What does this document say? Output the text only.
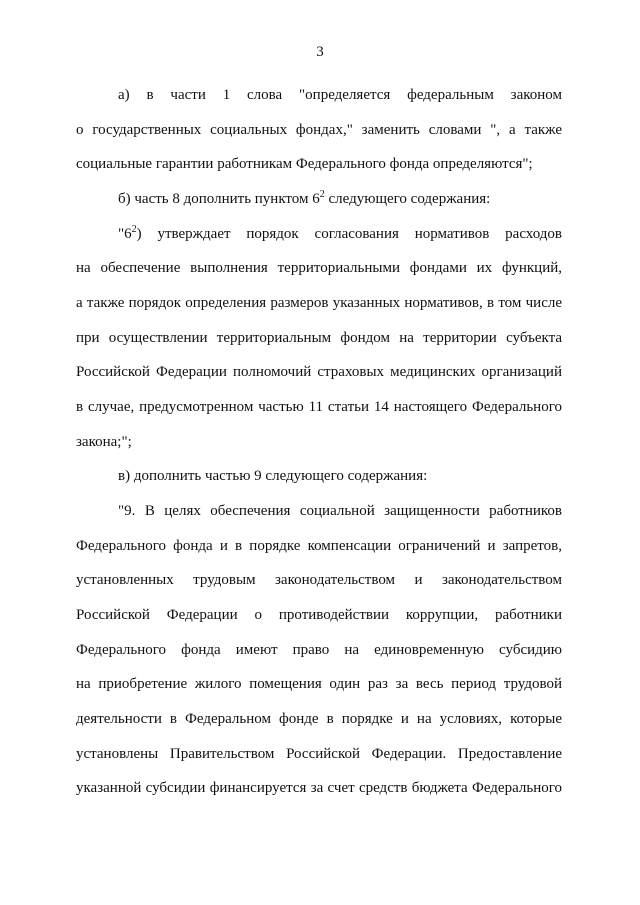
3
а) в части 1 слова "определяется федеральным законом
о государственных социальных фондах," заменить словами ", а также
социальные гарантии работникам Федерального фонда определяются";
б) часть 8 дополнить пунктом $6^2$ следующего содержания:
"$6^2$) утверждает порядок согласования нормативов расходов
на обеспечение выполнения территориальными фондами их функций,
а также порядок определения размеров указанных нормативов, в том числе
при осуществлении территориальным фондом на территории субъекта
Российской Федерации полномочий страховых медицинских организаций
в случае, предусмотренном частью 11 статьи 14 настоящего Федерального
закона;";
в) дополнить частью 9 следующего содержания:
"9. В целях обеспечения социальной защищенности работников
Федерального фонда и в порядке компенсации ограничений и запретов,
установленных трудовым законодательством и законодательством
Российской Федерации о противодействии коррупции, работники
Федерального фонда имеют право на единовременную субсидию
на приобретение жилого помещения один раз за весь период трудовой
деятельности в Федеральном фонде в порядке и на условиях, которые
установлены Правительством Российской Федерации. Предоставление
указанной субсидии финансируется за счет средств бюджета Федерального
